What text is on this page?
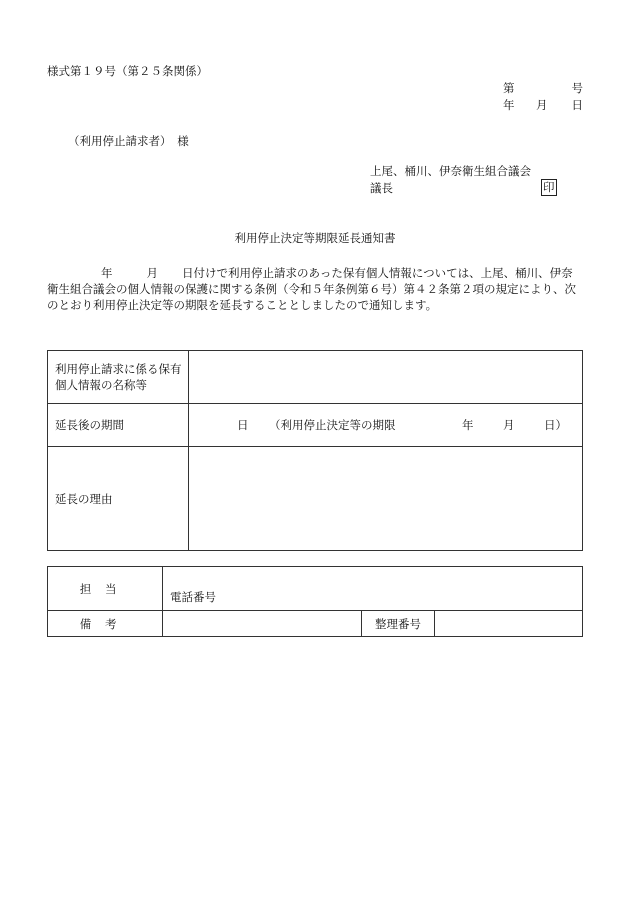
様式第１９号（第２５条関係）
第	号
年 月 日
（利用停止請求者）　様
上尾、桶川、伊奈衛生組合議会
議長	印
利用停止決定等期限延長通知書
年	月 日付けで利用停止請求のあった保有個人情報については、上尾、桶川、伊奈衛生組合議会の個人情報の保護に関する条例（令和５年条例第６号）第４２条第２項の規定により、次のとおり利用停止決定等の期限を延長することとしましたので通知します。
利用停止請求に係る保有個人情報の名称等	
延長後の期間	日 （利用停止決定等の期限 年 月 日）

延長の理由	
担当	電話番号		
備考		整理番号	
